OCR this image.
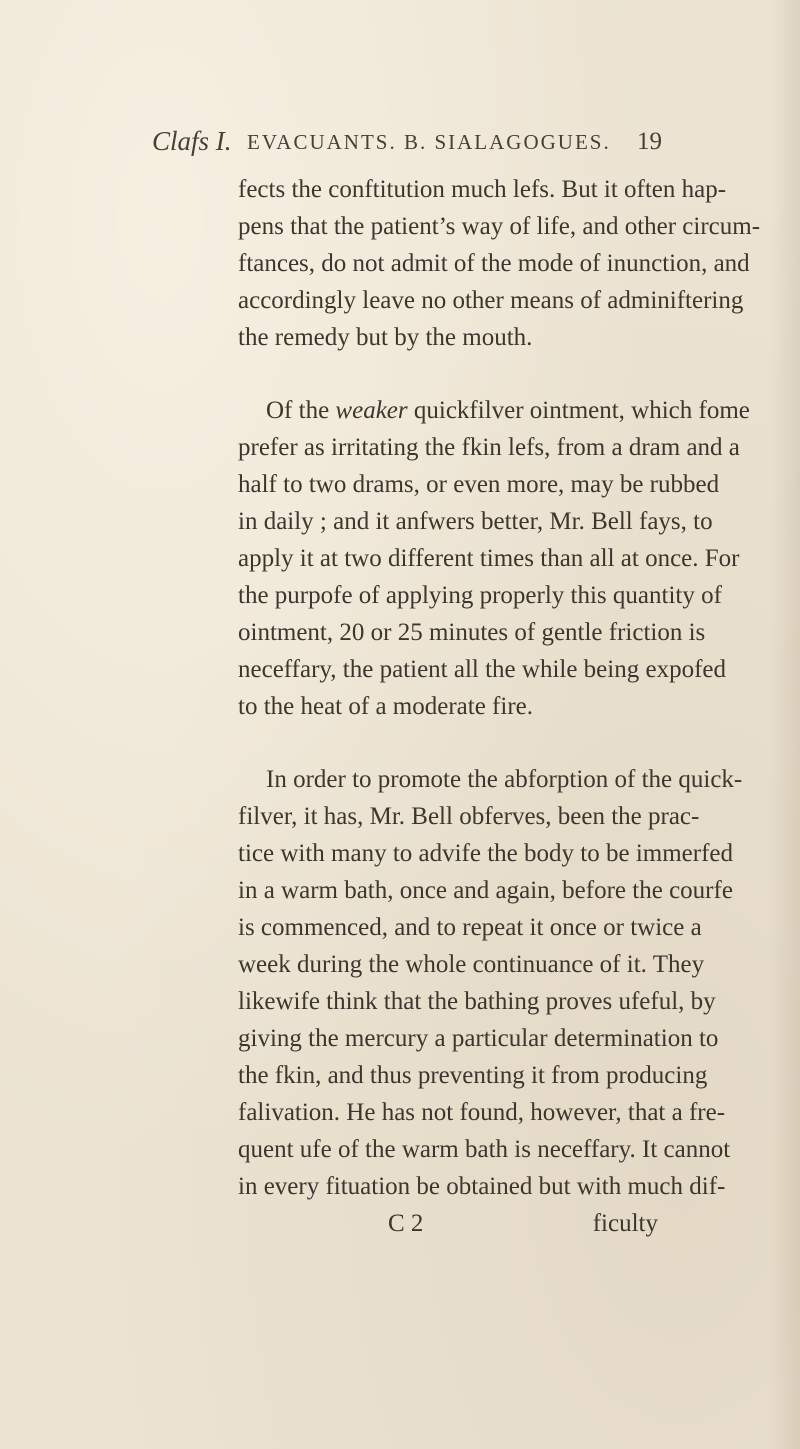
Clafs I. EVACUANTS. B. SIALAGOGUES. 19
fects the conftitution much lefs. But it often hap-
pens that the patient’s way of life, and other circum-
ftances, do not admit of the mode of inunction, and
accordingly leave no other means of adminiftering
the remedy but by the mouth.
Of the weaker quickfilver ointment, which fome
prefer as irritating the fkin lefs, from a dram and a
half to two drams, or even more, may be rubbed
in daily ; and it anfwers better, Mr. Bell fays, to
apply it at two different times than all at once. For
the purpofe of applying properly this quantity of
ointment, 20 or 25 minutes of gentle friction is
neceffary, the patient all the while being expofed
to the heat of a moderate fire.
In order to promote the abforption of the quick-
filver, it has, Mr. Bell obferves, been the prac-
tice with many to advife the body to be immerfed
in a warm bath, once and again, before the courfe
is commenced, and to repeat it once or twice a
week during the whole continuance of it. They
likewife think that the bathing proves ufeful, by
giving the mercury a particular determination to
the fkin, and thus preventing it from producing
falivation. He has not found, however, that a fre-
quent ufe of the warm bath is neceffary. It cannot
in every fituation be obtained but with much dif-
C 2	ficulty
